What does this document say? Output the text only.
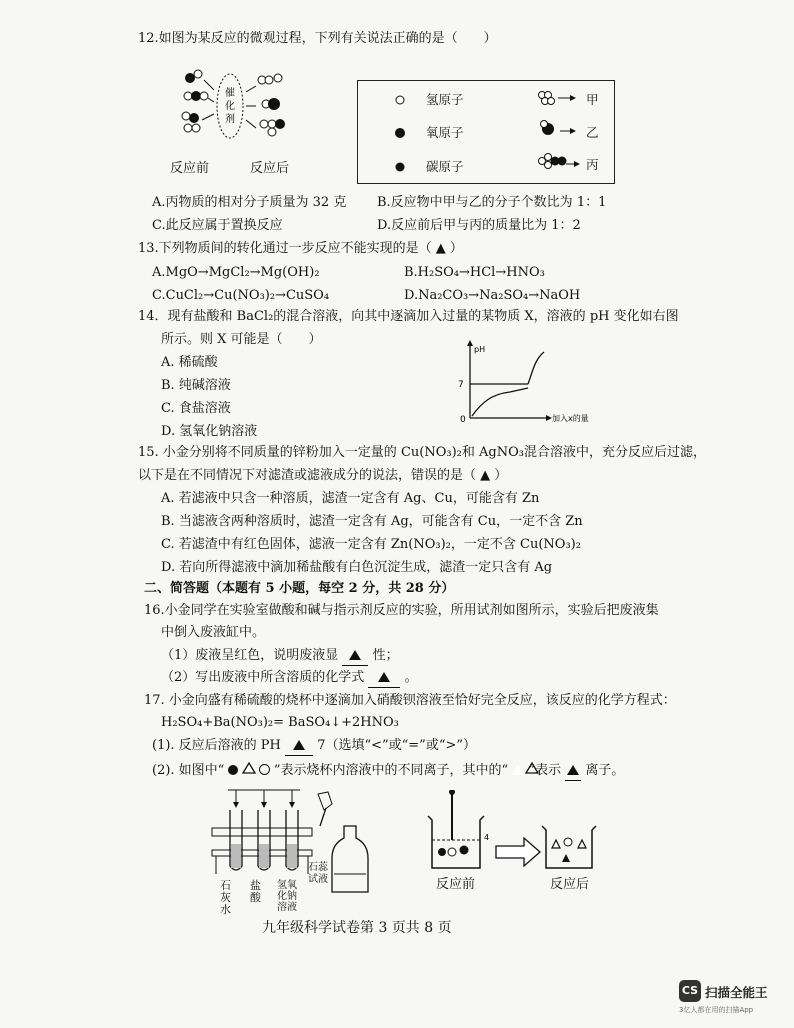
12.如图为某反应的微观过程，下列有关说法正确的是（　　）
催
化
剂
反应前	反应后
氢原子
氧原子
碳原子
甲
乙
丙
A.丙物质的相对分子质量为 32 克 B.反应物中甲与乙的分子个数比为 1：1
C.此反应属于置换反应	D.反应前后甲与丙的质量比为 1：2
13.下列物质间的转化通过一步反应不能实现的是（ ▲ ）
A.MgO→MgCl₂→Mg(OH)₂	B.H₂SO₄→HCl→HNO₃
C.CuCl₂→Cu(NO₃)₂→CuSO₄	D.Na₂CO₃→Na₂SO₄→NaOH
14．现有盐酸和 BaCl₂的混合溶液，向其中逐滴加入过量的某物质 X，溶液的 pH 变化如右图
所示。则 X 可能是（　　）
A. 稀硫酸
B. 纯碱溶液
C. 食盐溶液
D. 氢氧化钠溶液
pH
7
0	加入x的量
15. 小金分别将不同质量的锌粉加入一定量的 Cu(NO₃)₂和 AgNO₃混合溶液中，充分反应后过滤，
以下是在不同情况下对滤渣或滤液成分的说法，错误的是（ ▲ ）
A. 若滤液中只含一种溶质，滤渣一定含有 Ag、Cu，可能含有 Zn
B. 当滤液含两种溶质时，滤渣一定含有 Ag，可能含有 Cu，一定不含 Zn
C. 若滤渣中有红色固体，滤液一定含有 Zn(NO₃)₂，一定不含 Cu(NO₃)₂
D. 若向所得滤液中滴加稀盐酸有白色沉淀生成，滤渣一定只含有 Ag
二、简答题（本题有 5 小题，每空 2 分，共 28 分）
16.小金同学在实验室做酸和碱与指示剂反应的实验，所用试剂如图所示，实验后把废液集
中倒入废液缸中。
（1）废液呈红色，说明废液显	性；
（2）写出废液中所含溶质的化学式	。
17. 小金向盛有稀硫酸的烧杯中逐滴加入硝酸钡溶液至恰好完全反应，该反应的化学方程式：
H₂SO₄+Ba(NO₃)₂= BaSO₄↓+2HNO₃
(1). 反应后溶液的 PH	7（选填“<”或“=”或“>”）
(2). 如图中“	”表示烧杯内溶液中的不同离子，其中的“ ”表示 离子。
石灰水
盐酸
氢氧化钠溶液
石蕊试液
4
反应前	反应后
九年级科学试卷第 3 页共 8 页
CS 扫描全能王
3亿人都在用的扫描App
